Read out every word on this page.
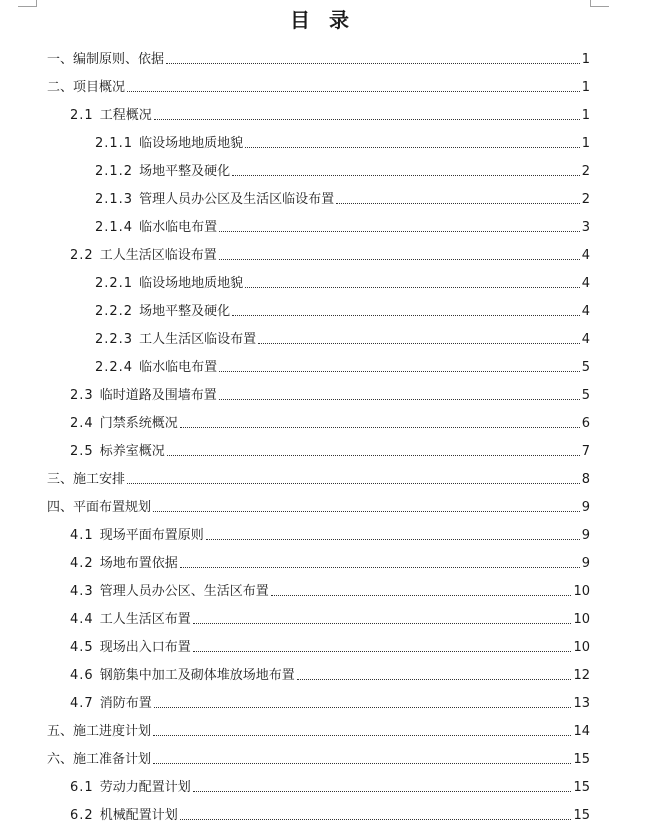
目 录
一、 编制原则、依据	1
二、 项目概况	1
2.1 工程概况	1
2.1.1 临设场地地质地貌	1
2.1.2 场地平整及硬化	2
2.1.3 管理人员办公区及生活区临设布置	2
2.1.4 临水临电布置	3
2.2 工人生活区临设布置	4
2.2.1 临设场地地质地貌	4
2.2.2 场地平整及硬化	4
2.2.3 工人生活区临设布置	4
2.2.4 临水临电布置	5
2.3 临时道路及围墙布置	5
2.4 门禁系统概况	6
2.5 标养室概况	7
三、 施工安排	8
四、 平面布置规划	9
4.1 现场平面布置原则	9
4.2 场地布置依据	9
4.3 管理人员办公区、生活区布置	10
4.4 工人生活区布置	10
4.5 现场出入口布置	10
4.6 钢筋集中加工及砌体堆放场地布置	12
4.7 消防布置	13
五、 施工进度计划	14
六、 施工准备计划	15
6.1 劳动力配置计划	15
6.2 机械配置计划	15
